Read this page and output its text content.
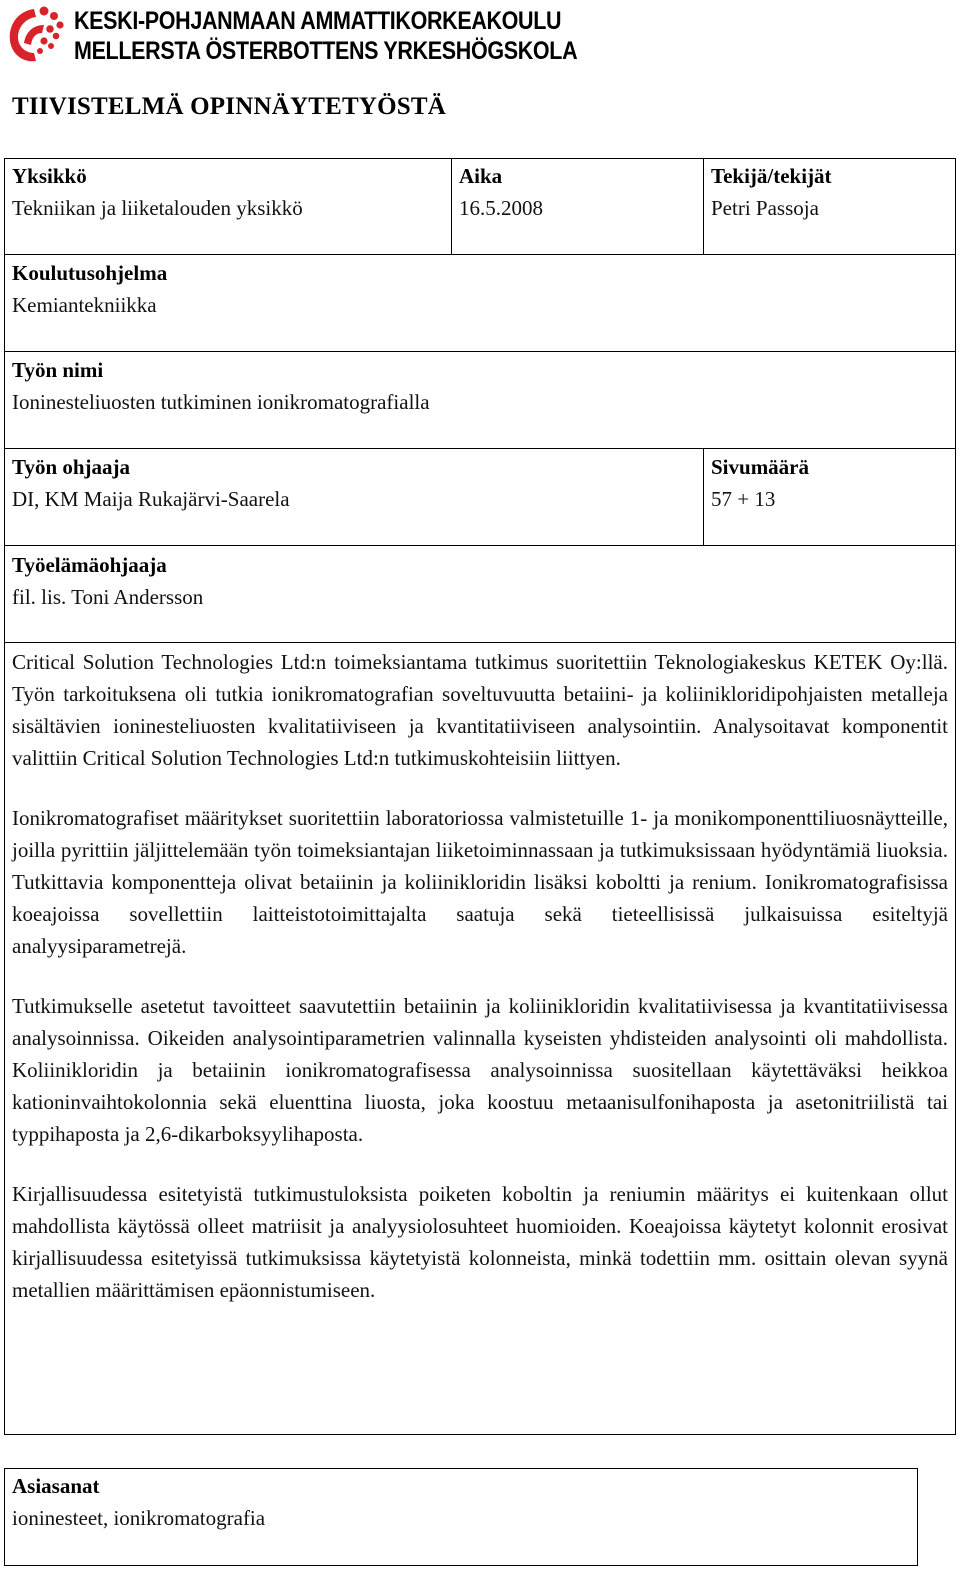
KESKI-POHJANMAAN AMMATTIKORKEAKOULU
MELLERSTA ÖSTERBOTTENS YRKESHÖGSKOLA
TIIVISTELMÄ OPINNÄYTETYÖSTÄ
Yksikkö
Tekniikan ja liiketalouden yksikkö
Aika
16.5.2008
Tekijä/tekijät
Petri Passoja
Koulutusohjelma
Kemiantekniikka
Työn nimi
Ioninesteliuosten tutkiminen ionikromatografialla
Työn ohjaaja
DI, KM Maija Rukajärvi-Saarela
Sivumäärä
57 + 13
Työelämäohjaaja
fil. lis. Toni Andersson

Critical Solution Technologies Ltd:n toimeksiantama tutkimus suoritettiin Teknologiakeskus KETEK Oy:llä. Työn tarkoituksena oli tutkia ionikromatografian soveltuvuutta betaiini- ja koliinikloridipohjaisten metalleja sisältävien ioninesteliuosten kvalitatiiviseen ja kvantitatiiviseen analysointiin. Analysoitavat komponentit valittiin Critical Solution Technologies Ltd:n tutkimuskohteisiin liittyen.

Ionikromatografiset määritykset suoritettiin laboratoriossa valmistetuille 1- ja monikomponenttiliuosnäytteille, joilla pyrittiin jäljittelemään työn toimeksiantajan liiketoiminnassaan ja tutkimuksissaan hyödyntämiä liuoksia. Tutkittavia komponentteja olivat betaiinin ja koliinikloridin lisäksi koboltti ja renium. Ionikromatografisissa koeajoissa sovellettiin laitteistotoimittajalta saatuja sekä tieteellisissä julkaisuissa esiteltyjä analyysiparametrejä.

Tutkimukselle asetetut tavoitteet saavutettiin betaiinin ja koliinikloridin kvalitatiivisessa ja kvantitatiivisessa analysoinnissa. Oikeiden analysointiparametrien valinnalla kyseisten yhdisteiden analysointi oli mahdollista. Koliinikloridin ja betaiinin ionikromatografisessa analysoinnissa suositellaan käytettäväksi heikkoa kationinvaihtokolonnia sekä eluenttina liuosta, joka koostuu metaanisulfonihaposta ja asetonitriilistä tai typpihaposta ja 2,6-dikarboksyylihaposta.

Kirjallisuudessa esitetyistä tutkimustuloksista poiketen koboltin ja reniumin määritys ei kuitenkaan ollut mahdollista käytössä olleet matriisit ja analyysiolosuhteet huomioiden. Koeajoissa käytetyt kolonnit erosivat kirjallisuudessa esitetyissä tutkimuksissa käytetyistä kolonneista, minkä todettiin mm. osittain olevan syynä metallien määrittämisen epäonnistumiseen.

Asiasanat
ioninesteet, ionikromatografia
